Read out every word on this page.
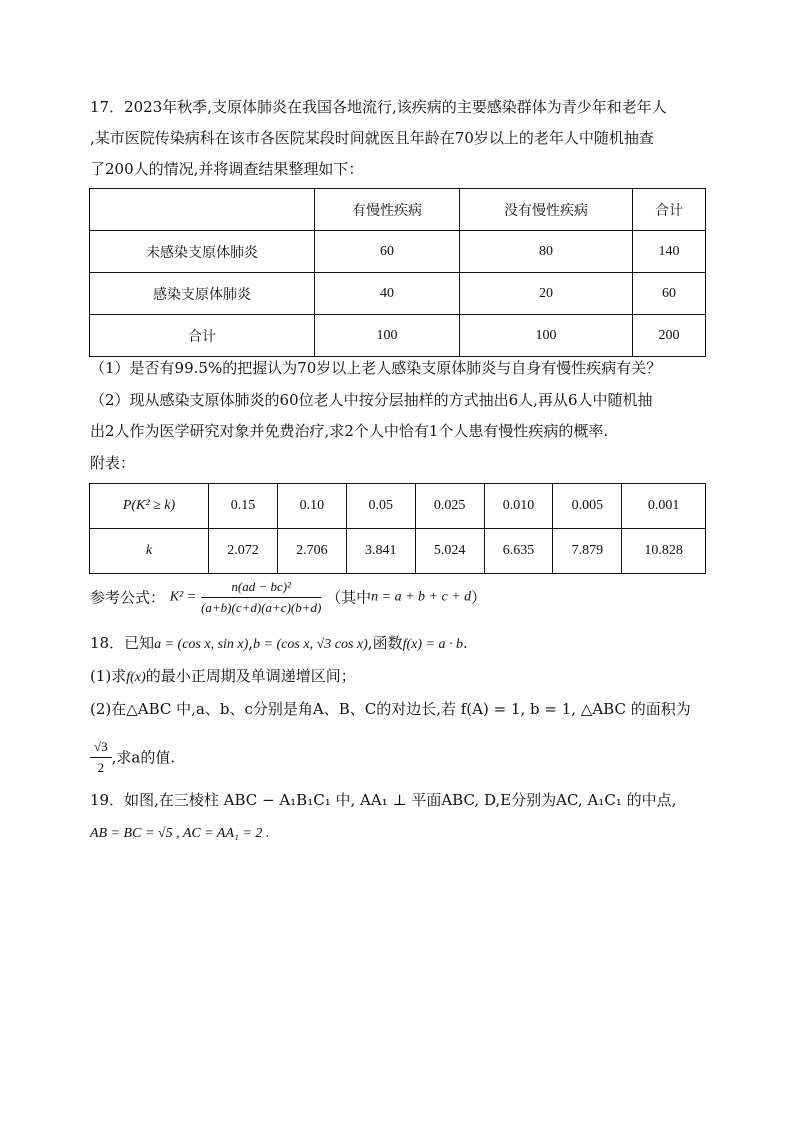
17．2023年秋季,支原体肺炎在我国各地流行,该疾病的主要感染群体为青少年和老年人
,某市医院传染病科在该市各医院某段时间就医且年龄在70岁以上的老年人中随机抽查
了200人的情况,并将调查结果整理如下：
	有慢性疾病	没有慢性疾病	合计
未感染支原体肺炎	60	80	140
感染支原体肺炎	40	20	60
合计	100	100	200
（1）是否有99.5%的把握认为70岁以上老人感染支原体肺炎与自身有慢性疾病有关？
（2）现从感染支原体肺炎的60位老人中按分层抽样的方式抽出6人,再从6人中随机抽
出2人作为医学研究对象并免费治疗,求2个人中恰有1个人患有慢性疾病的概率.
附表：
P(K² ≥ k)	0.15	0.10	0.05	0.025	0.010	0.005	0.001
k	2.072	2.706	3.841	5.024	6.635	7.879	10.828
参考公式： $K^2 = \frac{\text{n(ad − bc)²}}{(a+b)(c+d)(a+c)(b+d)}$ （其中n = a + b + c + d）
18．已知a = (cos x, sin x),b = (cos x, √3 cos x),函数f(x) = a · b.
(1)求f(x)的最小正周期及单调递增区间；
(2)在△ABC 中,a、b、c分别是角A、B、C的对边长,若 f(A) = 1, b = 1, △ABC 的面积为
$\frac{√3}{2}$ ,求a的值.
19．如图,在三棱柱 ABC − A₁B₁C₁ 中, AA₁ ⊥ 平面ABC, D,E分别为AC, A₁C₁ 的中点,
AB = BC = √5 , AC = AA₁ = 2 .
